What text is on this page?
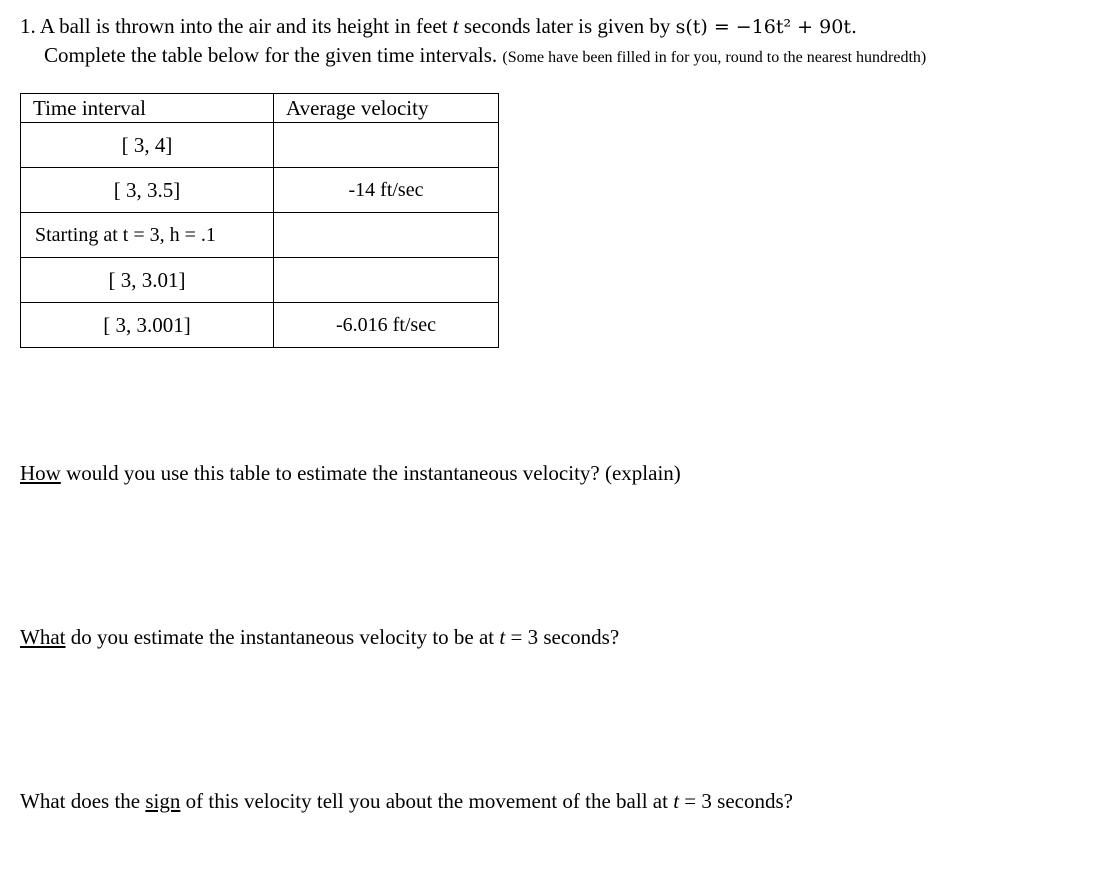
1. A ball is thrown into the air and its height in feet t seconds later is given by s(t) = −16t² + 90t.
Complete the table below for the given time intervals. (Some have been filled in for you, round to the nearest hundredth)
Time interval	Average velocity
[ 3, 4]	
[ 3, 3.5]	-14 ft/sec
Starting at t = 3, h = .1	
[ 3, 3.01]	
[ 3, 3.001]	-6.016 ft/sec
How would you use this table to estimate the instantaneous velocity? (explain)
What do you estimate the instantaneous velocity to be at t = 3 seconds?
What does the sign of this velocity tell you about the movement of the ball at t = 3 seconds?
